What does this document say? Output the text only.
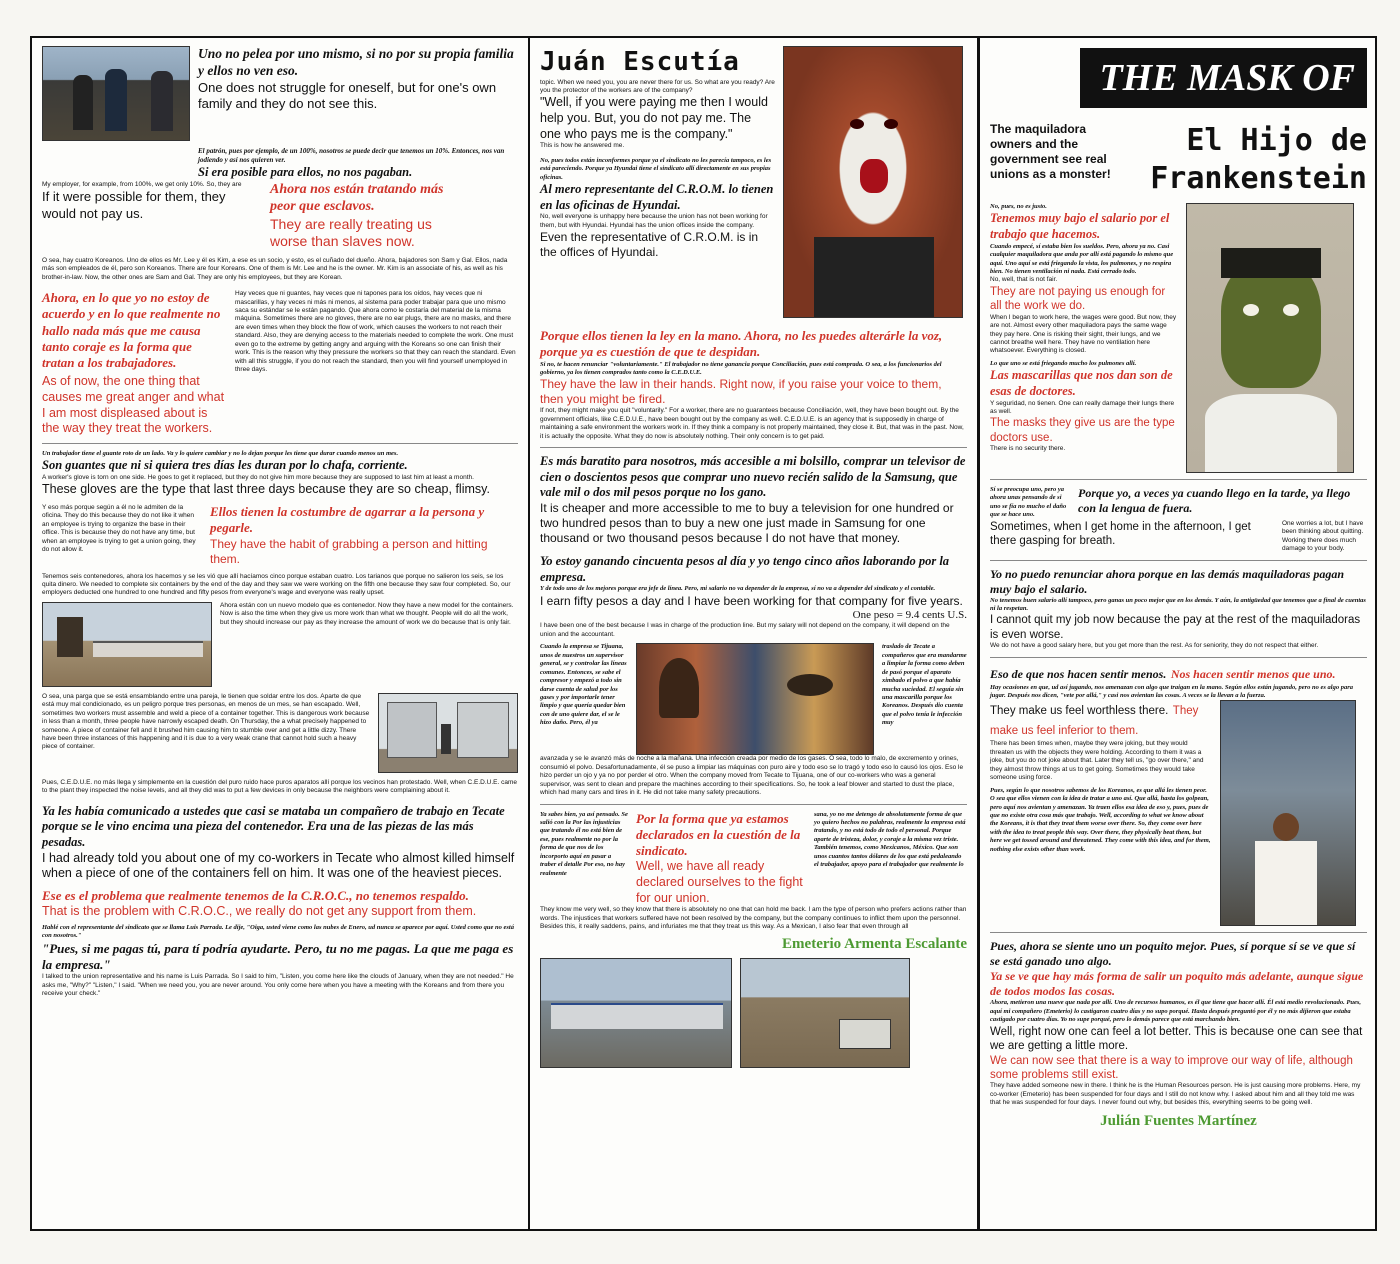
Uno no pelea por uno mismo, si no por su propia familia y ellos no ven eso.

One does not struggle for oneself, but for one's own family and they do not see this.

El patrón, pues por ejemplo, de un 100%, nosotros se puede decir que tenemos un 10%. Entonces, nos van jodiendo y así nos quieren ver.

Si era posible para ellos, no nos pagaban.

My employer, for example, from 100%, we get only 10%. So, they are

If it were possible for them, they would not pay us.

Ahora nos están tratando más peor que esclavos.

They are really treating us worse than slaves now.

O sea, hay cuatro Koreanos. Uno de ellos es Mr. Lee y él es Kim, a ese es un socio, y esto, es el cuñado del dueño. Ahora, bajadores son Sam y Gal. Ellos, nada más son empleados de él, pero son Koreanos. There are four Koreans. One of them is Mr. Lee and he is the owner. Mr. Kim is an associate of his, as well as his brother-in-law. Now, the other ones are Sam and Gal. They are only his employees, but they are Korean.

Ahora, en lo que yo no estoy de acuerdo y en lo que realmente no hallo nada más que me causa tanto coraje es la forma que tratan a los trabajadores.

As of now, the one thing that causes me great anger and what I am most displeased about is the way they treat the workers.

Hay veces que ni guantes, hay veces que ni tapones para los oídos, hay veces que ni mascarillas, y hay veces ni más ni menos, al sistema para poder trabajar para que uno mismo saca su estándar se le están pagando. Que ahora como le costaría del material de la misma máquina. Sometimes there are no gloves, there are no ear plugs, there are no masks, and there are even times when they block the flow of work, which causes the workers to not reach their standard. Also, they are denying access to the materials needed to complete the work. One must even go to the extreme by getting angry and arguing with the Koreans so one can finish their work. This is the reason why they pressure the workers so that they can reach the standard. Even with all this struggle, if you do not reach the standard, then you will find yourself unemployed in three days.

Un trabajador tiene el guante roto de un lado. Va y lo quiere cambiar y no lo dejan porque les tiene que durar cuando menos un mes.

Son guantes que ni si quiera tres días les duran por lo chafa, corriente.

A worker's glove is torn on one side. He goes to get it replaced, but they do not give him more because they are supposed to last him at least a month.

These gloves are the type that last three days because they are so cheap, flimsy.

Y eso más porque según a él no le admiten de la oficina. They do this because they do not like it when an employee is trying to organize the base in their office. This is because they do not have any time, but when an employee is trying to get a union going, they do not allow it.

Ellos tienen la costumbre de agarrar a la persona y pegarle.

They have the habit of grabbing a person and hitting them.

Tenemos seis contenedores, ahora los hacemos y se les vió que allí hacíamos cinco porque estaban cuatro. Los tarianos que porque no salieron los seis, se los quita dinero. We needed to complete six containers by the end of the day and they saw we were working on the fifth one because they saw four completed. So, our employers deducted one hundred to one hundred and fifty pesos from everyone's wage and everyone was really upset.

Ahora están con un nuevo modelo que es contenedor. Now they have a new model for the containers. Now is also the time when they give us more work than what we thought. People will do all the work, but they should increase our pay as they increase the amount of work we do because that is only fair.

O sea, una parga que se está ensamblando entre una pareja, le tienen que soldar entre los dos. Aparte de que está muy mal condicionado, es un peligro porque tres personas, en menos de un mes, se han escapado. Well, sometimes two workers must assemble and weld a piece of a container together. This is dangerous work because in less than a month, three people have narrowly escaped death. On Thursday, the a what precisely happened to someone. A piece of container fell and it brushed him causing him to stumble over and get a little dizzy. There have been three instances of this happening and it is due to a very weak crane that cannot hold such a heavy piece of container.

Pues, C.E.D.U.E. no más llega y simplemente en la cuestión del puro ruido hace puros aparatos allí porque los vecinos han protestado. Well, when C.E.D.U.E. came to the plant they inspected the noise levels, and all they did was to put a few devices in only because the neighbors were complaining about it.

Ya les había comunicado a ustedes que casi se mataba un compañero de trabajo en Tecate porque se le vino encima una pieza del contenedor. Era una de las piezas de las más pesadas.

I had already told you about one of my co-workers in Tecate who almost killed himself when a piece of one of the containers fell on him. It was one of the heaviest pieces.

Ese es el problema que realmente tenemos de la C.R.O.C., no tenemos respaldo.

That is the problem with C.R.O.C., we really do not get any support from them.

Hablé con el representante del sindicato que se llama Luis Parrada. Le dije, "Oiga, usted viene como las nubes de Enero, ud nunca se aparece por aquí. Usted como que no está con nosotros."

"Pues, si me pagas tú, para tí podría ayudarte. Pero, tu no me pagas. La que me paga es la empresa."

I talked to the union representative and his name is Luis Parrada. So I said to him, "Listen, you come here like the clouds of January, when they are not needed." He asks me, "Why?" "Listen," I said. "When we need you, you are never around. You only come here when you have a meeting with the Koreans and from there you receive your check."

Juán Escutía

topic. When we need you, you are never there for us. So what are you ready? Are you the protector of the workers are of the company?

"Well, if you were paying me then I would help you. But, you do not pay me. The one who pays me is the company."

This is how he answered me.

No, pues todos están inconformes porque ya el sindicato no les parecía tampoco, es les está pareciendo. Porque ya Hyundai tiene el sindicato allí directamente en sus propias oficinas.

Al mero representante del C.R.O.M. lo tienen en las oficinas de Hyundai.

No, well everyone is unhappy here because the union has not been working for them, but with Hyundai. Hyundai has the union offices inside the company.

Even the representative of C.R.O.M. is in the offices of Hyundai.

Porque ellos tienen la ley en la mano. Ahora, no les puedes alterárle la voz, porque ya es cuestión de que te despidan.

Si no, te hacen renunciar "voluntariamente." El trabajador no tiene ganancia porque Conciliación, pues está comprada. O sea, a los funcionarios del gobierno, ya los tienen comprados tanto como la C.E.D.U.E.

They have the law in their hands. Right now, if you raise your voice to them, then you might be fired.

If not, they might make you quit "voluntarily." For a worker, there are no guarantees because Conciliación, well, they have been bought out. By the government officials, like C.E.D.U.E., have been bought out by the company as well. C.E.D.U.E. is an agency that is supposedly in charge of maintaining a safe environment the workers work in. If they think a company is not properly maintained, they close it. But, that was in the past. Now, it is actually the opposite. What they do now is absolutely nothing. Their only concern is to get paid.

Es más baratito para nosotros, más accesible a mi bolsillo, comprar un televisor de cien o doscientos pesos que comprar uno nuevo recién salido de la Samsung, que vale mil o dos mil pesos porque no los gano.

It is cheaper and more accessible to me to buy a television for one hundred or two hundred pesos than to buy a new one just made in Samsung for one thousand or two thousand pesos because I do not have that money.

Yo estoy ganando cincuenta pesos al día y yo tengo cinco años laborando por la empresa.

Y de todo uno de los mejores porque era jefe de línea. Pero, mi salario no va depender de la empresa, sí no va a depender del sindicato y el contable.

I earn fifty pesos a day and I have been working for that company for five years.

One peso = 9.4 cents U.S.

I have been one of the best because I was in charge of the production line. But my salary will not depend on the company, it will depend on the union and the accountant.

Cuando la empresa se Tijuana, unos de nuestros un supervisor general, se y controlar las líneas comunes. Entonces, se sabe el compresor y empezó a todo sin darse cuenta de salud por los gases y por importarle tener limpio y que quería quedar bien con de uno quiere dar, el se le hizo daño. Pero, él ya

traslado de Tecate a compañeros que era mandarme a limpiar la forma como deben de pasó porque el aparato ximbado el polvo a que había mucha suciedad. El seguía sin una mascarilla porque los Koreanos. Después dio cuenta que el polvo tenía le infección muy

avanzada y se le avanzó más de noche a la mañana. Una infección creada por medio de los gases. O sea, todo lo malo, de excremento y orines, consumió el polvo. Desafortunadamente, él se puso a limpiar las máquinas con puro aire y todo eso se lo tragó y todo eso lo causó los ojos. Eso le hizo perder un ojo y ya no por perder el otro. When the company moved from Tecate to Tijuana, one of our co-workers who was a general supervisor, was sent to clean and prepare the machines according to their specifications. So, he took a leaf blower and started to dust the place, which had many cars and tires in it. He did not take many safety precautions.

Ya sabes bien, ya así pensado. Se salió con la Por las injusticias que tratando él no está bien de ese, pues realmente no por la forma de que nos de los incorporto aquí en pasar a traber el detalle Por eso, no hay realmente

Por la forma que ya estamos declarados en la cuestión de la sindicato.

Well, we have all ready declared ourselves to the fight for our union.

sana, yo no me detengo de absolutamente forma de que yo quiero hechos no palabras, realmente la empresa está tratando, y no está todo de todo el personal. Porque aparte de tristeza, dolor, y coraje a la misma vez triste. También tenemos, como Mexicanos, México. Que son unos cuantos tantos dólares de los que está pedaleando el trabajador, apoyo para el trabajador que realmente lo

They know me very well, so they know that there is absolutely no one that can hold me back. I am the type of person who prefers actions rather than words. The injustices that workers suffered have not been resolved by the company, but the company continues to inflict them upon the personnel. Besides this, it really saddens, pains, and infuriates me that they treat us this way. As a Mexican, I also fear that even through all

Emeterio Armenta Escalante

THE MASK OF

The maquiladora owners and the government see real unions as a monster!

El Hijo de Frankenstein

No, pues, no es justo.

Tenemos muy bajo el salario por el trabajo que hacemos.

Cuando empecé, sí estaba bien los sueldos. Pero, ahora ya no. Casi cualquier maquiladora que anda por allí está pagando lo mismo que aquí. Uno aquí se está friegando la vista, los pulmones, y no respira bien. No tienen ventilación ni nada. Está cerrado todo.

No, well, that is not fair.

They are not paying us enough for all the work we do.

When I began to work here, the wages were good. But now, they are not. Almost every other maquiladora pays the same wage they pay here. One is risking their sight, their lungs, and we cannot breathe well here. They have no ventilation here whatsoever. Everything is closed.

Lo que uno se está friegando mucho los pulmones allí.

Las mascarillas que nos dan son de esas de doctores.

Y seguridad, no tienen. One can really damage their lungs there as well.

The masks they give us are the type doctors use.

There is no security there.

Sí se preocupa uno, pero ya ahora unas pensando de si uno se fía no mucho el daño que se hace uno.

Porque yo, a veces ya cuando llego en la tarde, ya llego con la lengua de fuera.

Sometimes, when I get home in the afternoon, I get there gasping for breath.

One worries a lot, but I have been thinking about quitting. Working there does much damage to your body.

Yo no puedo renunciar ahora porque en las demás maquiladoras pagan muy bajo el salario.

No tenemos buen salario allí tampoco, pero ganas un poco mejor que en los demás. Y aún, la antigüedad que tenemos que a final de cuentas ni la respetan.

I cannot quit my job now because the pay at the rest of the maquiladoras is even worse.

We do not have a good salary here, but you get more than the rest. As for seniority, they do not respect that either.

Eso de que nos hacen sentir menos. Nos hacen sentir menos que uno.

Hay ocasiones en que, ud así jugando, nos amenazan con algo que traigan en la mano. Según ellos están jugando, pero no es algo para jugar. Después nos dicen, "vete por allá," y casi nos avientan las cosas. A veces se la llevan a la fuerza.

They make us feel worthless there. They make us feel inferior to them.

There has been times when, maybe they were joking, but they would threaten us with the objects they were holding. According to them it was a joke, but you do not joke about that. Later they tell us, "go over there," and they almost throw things at us to get going. Sometimes they would take someone using force.

Pues, según lo que nosotros sabemos de los Koreanos, es que allá les tienen peor. O sea que ellos vienen con la idea de tratar a uno así. Que allá, hasta los golpean, pero aquí nos avientan y amenazan. Ya traen ellos esa idea de eso y, pues, pues de que no existe otra cosa más que trabajo. Well, according to what we know about the Koreans, it is that they treat them worse over there. So, they come over here with the idea to treat people this way. Over there, they physically beat them, but here we get tossed around and threatened. They come with this idea, and for them, nothing else exists other than work.

Pues, ahora se siente uno un poquito mejor. Pues, sí porque sí se ve que sí se está ganado uno algo.

Ya se ve que hay más forma de salir un poquito más adelante, aunque sigue de todos modos las cosas.

Ahora, metieron una nueve que nada por allí. Uno de recursos humanos, es él que tiene que hacer allí. Él está medio revolucionado. Pues, aquí mi compañero (Emeterio) lo castigaron cuatro días y no supo porqué. Hasta después preguntó por él y no más dijieron que estaba castigado por cuatro días. Yo no supe porqué, pero lo demás parece que está marchando bien.

Well, right now one can feel a lot better. This is because one can see that we are getting a little more.

We can now see that there is a way to improve our way of life, although some problems still exist.

They have added someone new in there. I think he is the Human Resources person. He is just causing more problems. Here, my co-worker (Emeterio) has been suspended for four days and I still do not know why. I asked about him and all they told me was that he was suspended for four days. I never found out why, but besides this, everything seems to be going well.

Julián Fuentes Martínez
